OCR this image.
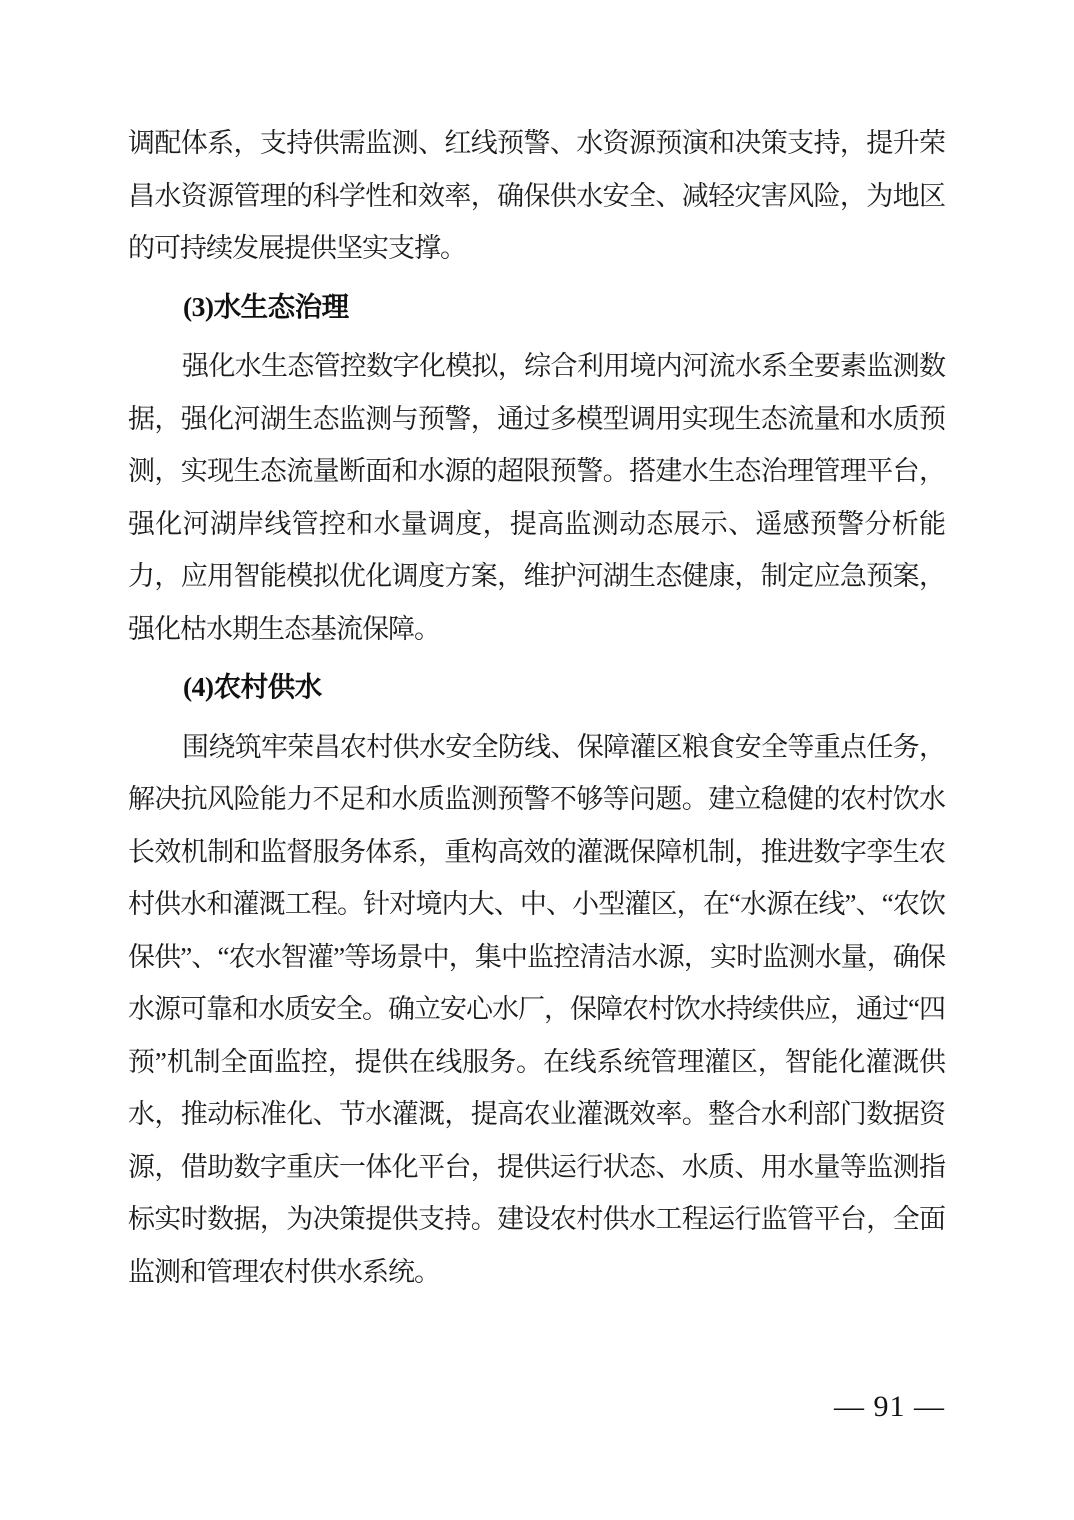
调配体系，支持供需监测、红线预警、水资源预演和决策支持，提升荣昌水资源管理的科学性和效率，确保供水安全、减轻灾害风险，为地区的可持续发展提供坚实支撑。

(3)水生态治理

强化水生态管控数字化模拟，综合利用境内河流水系全要素监测数据，强化河湖生态监测与预警，通过多模型调用实现生态流量和水质预测，实现生态流量断面和水源的超限预警。搭建水生态治理管理平台，强化河湖岸线管控和水量调度，提高监测动态展示、遥感预警分析能力，应用智能模拟优化调度方案，维护河湖生态健康，制定应急预案，强化枯水期生态基流保障。

(4)农村供水

围绕筑牢荣昌农村供水安全防线、保障灌区粮食安全等重点任务，解决抗风险能力不足和水质监测预警不够等问题。建立稳健的农村饮水长效机制和监督服务体系，重构高效的灌溉保障机制，推进数字孪生农村供水和灌溉工程。针对境内大、中、小型灌区，在“水源在线”、“农饮保供”、“农水智灌”等场景中，集中监控清洁水源，实时监测水量，确保水源可靠和水质安全。确立安心水厂，保障农村饮水持续供应，通过“四预”机制全面监控，提供在线服务。在线系统管理灌区，智能化灌溉供水，推动标准化、节水灌溉，提高农业灌溉效率。整合水利部门数据资源，借助数字重庆一体化平台，提供运行状态、水质、用水量等监测指标实时数据，为决策提供支持。建设农村供水工程运行监管平台，全面监测和管理农村供水系统。

— 91 —
